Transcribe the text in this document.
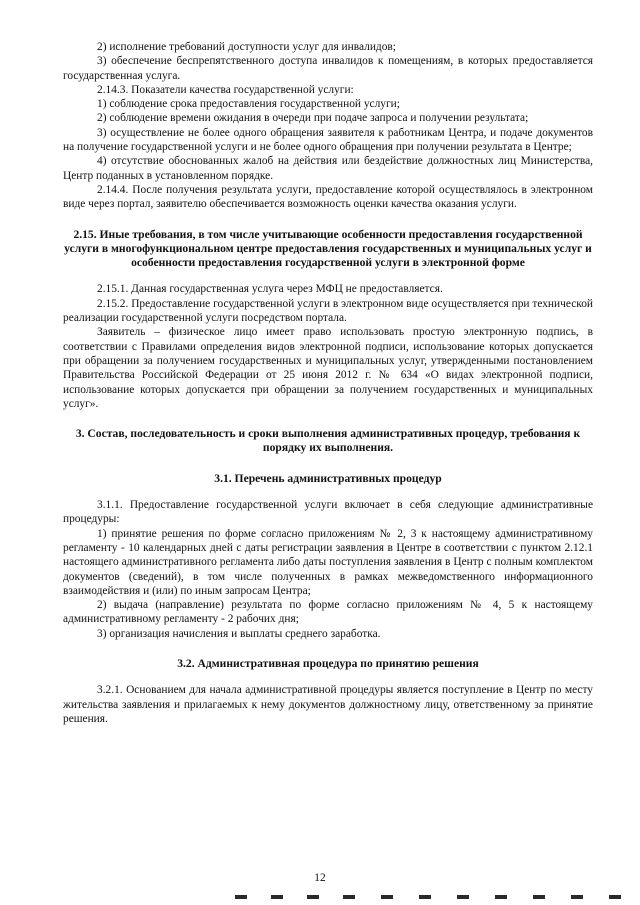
2) исполнение требований доступности услуг для инвалидов;

3) обеспечение беспрепятственного доступа инвалидов к помещениям, в которых предоставляется государственная услуга.

2.14.3. Показатели качества государственной услуги:

1) соблюдение срока предоставления государственной услуги;

2) соблюдение времени ожидания в очереди при подаче запроса и получении результата;

3) осуществление не более одного обращения заявителя к работникам Центра, и подаче документов на получение государственной услуги и не более одного обращения при получении результата в Центре;

4) отсутствие обоснованных жалоб на действия или бездействие должностных лиц Министерства, Центр поданных в установленном порядке.

2.14.4. После получения результата услуги, предоставление которой осуществлялось в электронном виде через портал, заявителю обеспечивается возможность оценки качества оказания услуги.

2.15. Иные требования, в том числе учитывающие особенности предоставления государственной услуги в многофункциональном центре предоставления государственных и муниципальных услуг и особенности предоставления государственной услуги в электронной форме

2.15.1. Данная государственная услуга через МФЦ не предоставляется.

2.15.2. Предоставление государственной услуги в электронном виде осуществляется при технической реализации государственной услуги посредством портала.

Заявитель – физическое лицо имеет право использовать простую электронную подпись, в соответствии с Правилами определения видов электронной подписи, использование которых допускается при обращении за получением государственных и муниципальных услуг, утвержденными постановлением Правительства Российской Федерации от 25 июня 2012 г. № 634 «О видах электронной подписи, использование которых допускается при обращении за получением государственных и муниципальных услуг».

3. Состав, последовательность и сроки выполнения административных процедур, требования к порядку их выполнения.
3.1. Перечень административных процедур

3.1.1. Предоставление государственной услуги включает в себя следующие административные процедуры:

1) принятие решения по форме согласно приложениям № 2, 3 к настоящему административному регламенту - 10 календарных дней с даты регистрации заявления в Центре в соответствии с пунктом 2.12.1 настоящего административного регламента либо даты поступления заявления в Центр с полным комплектом документов (сведений), в том числе полученных в рамках межведомственного информационного взаимодействия и (или) по иным запросам Центра;

2) выдача (направление) результата по форме согласно приложениям № 4, 5 к настоящему административному регламенту - 2 рабочих дня;

3) организация начисления и выплаты среднего заработка.

3.2. Административная процедура по принятию решения

3.2.1. Основанием для начала административной процедуры является поступление в Центр по месту жительства заявления и прилагаемых к нему документов должностному лицу, ответственному за принятие решения.

12
